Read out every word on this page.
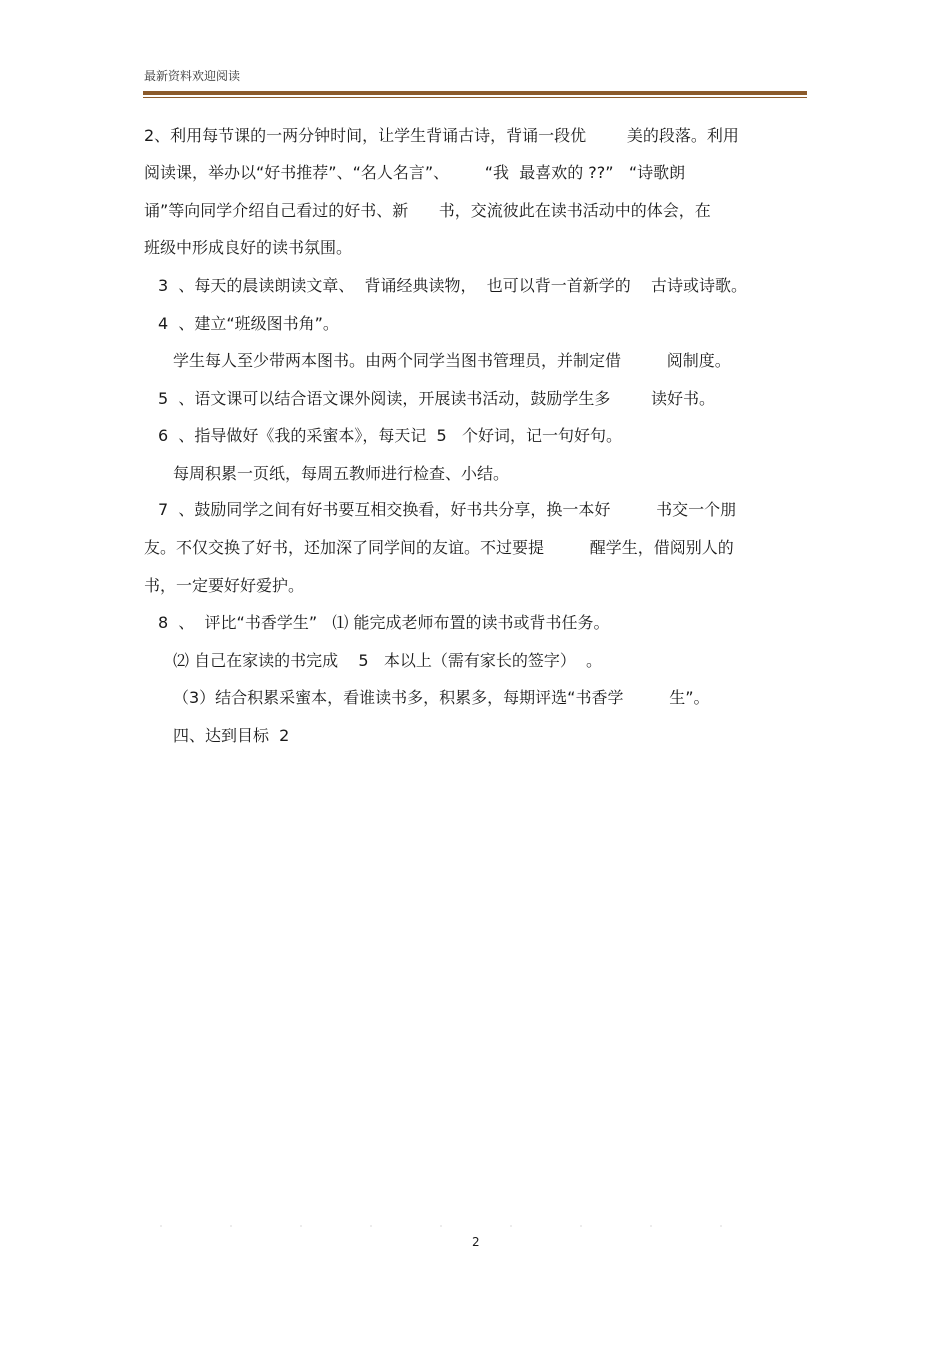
最新资料欢迎阅读
2、利用每节课的一两分钟时间，让学生背诵古诗，背诵一段优        美的段落。利用
阅读课，举办以“好书推荐”、“名人名言”、       “我  最喜欢的 ??”   “诗歌朗
诵”等向同学介绍自己看过的好书、新      书，交流彼此在读书活动中的体会，在
班级中形成良好的读书氛围。
3  、每天的晨读朗读文章、  背诵经典读物，  也可以背一首新学的    古诗或诗歌。
4  、建立“班级图书角”。
学生每人至少带两本图书。由两个同学当图书管理员，并制定借         阅制度。
5  、语文课可以结合语文课外阅读，开展读书活动，鼓励学生多        读好书。
6  、指导做好《我的采蜜本》，每天记  5   个好词，记一句好句。
每周积累一页纸，每周五教师进行检查、小结。
7  、鼓励同学之间有好书要互相交换看，好书共分享，换一本好         书交一个朋
友。不仅交换了好书，还加深了同学间的友谊。不过要提         醒学生，借阅别人的
书，一定要好好爱护。
8  、  评比“书香学生”   ⑴ 能完成老师布置的读书或背书任务。
⑵ 自己在家读的书完成    5   本以上（需有家长的签字）  。
（3）结合积累采蜜本，看谁读书多，积累多，每期评选“书香学         生”。
四、达到目标  2
2
